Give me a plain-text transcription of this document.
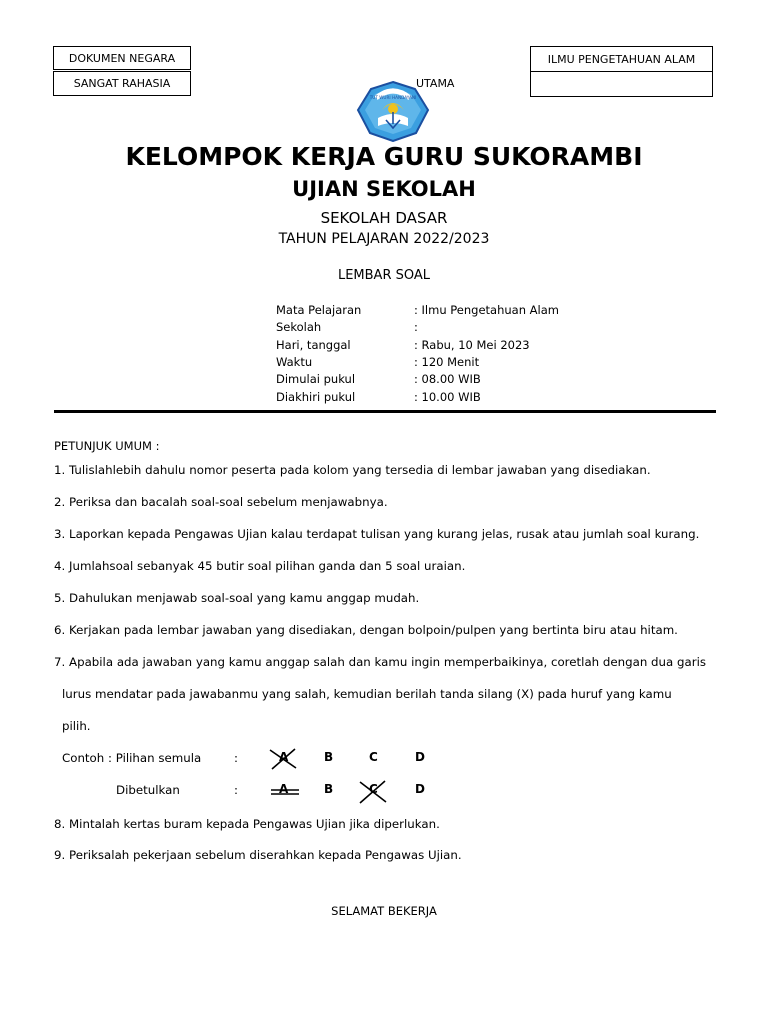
DOKUMEN NEGARA
SANGAT RAHASIA
ILMU PENGETAHUAN ALAM
UTAMA
TUT WURI HANDAYANI
KELOMPOK KERJA GURU SUKORAMBI
UJIAN SEKOLAH
SEKOLAH DASAR
TAHUN PELAJARAN 2022/2023
LEMBAR SOAL
Mata Pelajaran	: Ilmu Pengetahuan Alam
Sekolah	:
Hari, tanggal	: Rabu, 10 Mei 2023
Waktu	: 120 Menit
Dimulai pukul	: 08.00 WIB
Diakhiri pukul	: 10.00 WIB
PETUNJUK UMUM :
1. Tulislahlebih dahulu nomor peserta pada kolom yang tersedia di lembar jawaban yang disediakan.
2. Periksa dan bacalah soal-soal sebelum menjawabnya.
3. Laporkan kepada Pengawas Ujian kalau terdapat tulisan yang kurang jelas, rusak atau jumlah soal kurang.
4. Jumlahsoal sebanyak 45 butir soal pilihan ganda dan 5 soal uraian.
5. Dahulukan menjawab soal-soal yang kamu anggap mudah.
6. Kerjakan pada lembar jawaban yang disediakan, dengan bolpoin/pulpen yang bertinta biru atau hitam.
7. Apabila ada jawaban yang kamu anggap salah dan kamu ingin memperbaikinya, coretlah dengan dua garis
lurus mendatar pada jawabanmu yang salah, kemudian berilah tanda silang (X) pada huruf yang kamu
pilih.
Contoh : Pilihan semula	:	A	B	C	D
Dibetulkan	:	A	B	C	D
8. Mintalah kertas buram kepada Pengawas Ujian jika diperlukan.
9. Periksalah pekerjaan sebelum diserahkan kepada Pengawas Ujian.
SELAMAT BEKERJA
